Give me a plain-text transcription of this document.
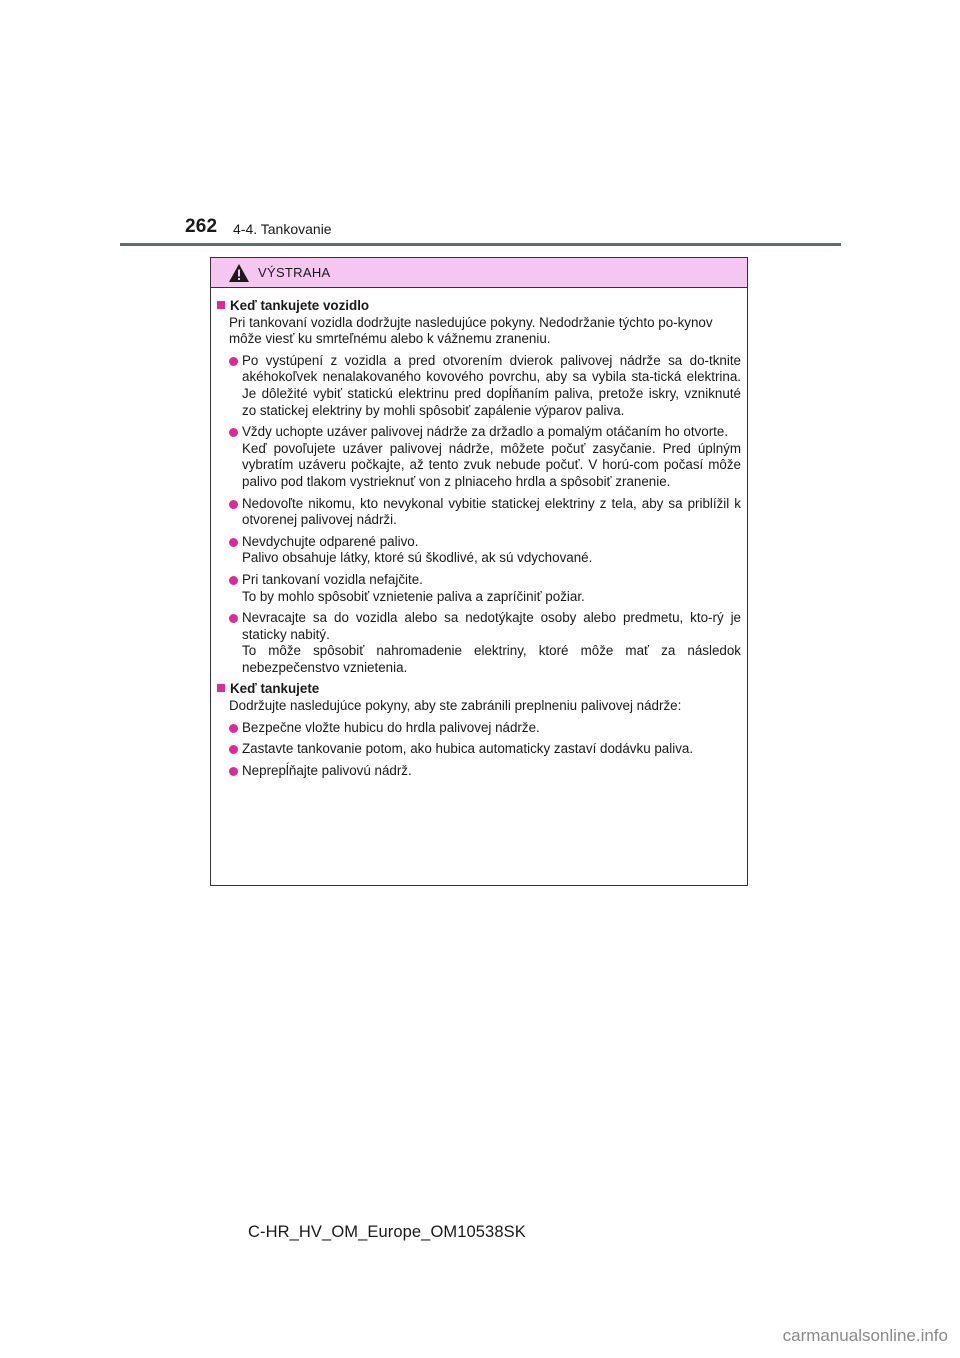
262 4-4. Tankovanie
VÝSTRAHA
Keď tankujete vozidlo
Pri tankovaní vozidla dodržujte nasledujúce pokyny. Nedodržanie týchto po-kynov môže viesť ku smrteľnému alebo k vážnemu zraneniu.
Po vystúpení z vozidla a pred otvorením dvierok palivovej nádrže sa do-tknite akéhokoľvek nenalakovaného kovového povrchu, aby sa vybila sta-tická elektrina. Je dôležité vybiť statickú elektrinu pred dopĺňaním paliva, pretože iskry, vzniknuté zo statickej elektriny by mohli spôsobiť zapálenie výparov paliva.
Vždy uchopte uzáver palivovej nádrže za držadlo a pomalým otáčaním ho otvorte.
Keď povoľujete uzáver palivovej nádrže, môžete počuť zasyčanie. Pred úplným vybratím uzáveru počkajte, až tento zvuk nebude počuť. V horú-com počasí môže palivo pod tlakom vystrieknuť von z plniaceho hrdla a spôsobiť zranenie.
Nedovoľte nikomu, kto nevykonal vybitie statickej elektriny z tela, aby sa priblížil k otvorenej palivovej nádrži.
Nevdychujte odparené palivo.
Palivo obsahuje látky, ktoré sú škodlivé, ak sú vdychované.
Pri tankovaní vozidla nefajčite.
To by mohlo spôsobiť vznietenie paliva a zapríčiniť požiar.
Nevracajte sa do vozidla alebo sa nedotýkajte osoby alebo predmetu, kto-rý je staticky nabitý.
To môže spôsobiť nahromadenie elektriny, ktoré môže mať za následok nebezpečenstvo vznietenia.
Keď tankujete
Dodržujte nasledujúce pokyny, aby ste zabránili preplneniu palivovej nádrže:
Bezpečne vložte hubicu do hrdla palivovej nádrže.
Zastavte tankovanie potom, ako hubica automaticky zastaví dodávku paliva.
Neprepĺňajte palivovú nádrž.
C-HR_HV_OM_Europe_OM10538SK
carmanualsonline.info
